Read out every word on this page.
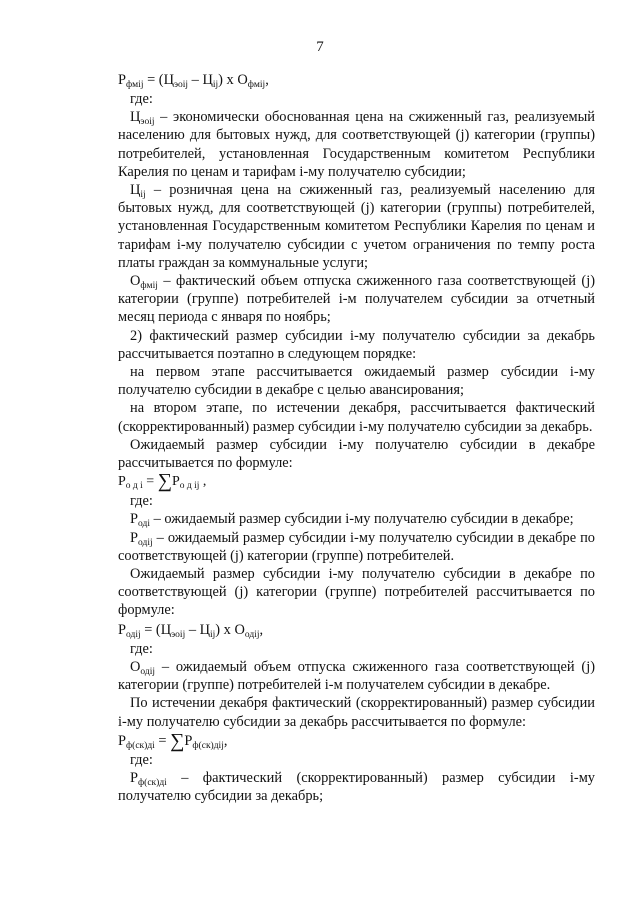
7

$Р_{фмij} = (Ц_{эоij} - Ц_{ij})$ х $О_{фмij}$,

где:

$Ц_{эоij}$ – экономически обоснованная цена на сжиженный газ, реализуемый населению для бытовых нужд, для соответствующей (j) категории (группы) потребителей, установленная Государственным комитетом Республики Карелия по ценам и тарифам i-му получателю субсидии;

$Ц_{ij}$ – розничная цена на сжиженный газ, реализуемый населению для бытовых нужд, для соответствующей (j) категории (группы) потребителей, установленная Государственным комитетом Республики Карелия по ценам и тарифам i-му получателю субсидии с учетом ограничения по темпу роста платы граждан за коммунальные услуги;

$О_{фмij}$ – фактический объем отпуска сжиженного газа соответствующей (j) категории (группе) потребителей i-м получателем субсидии за отчетный месяц периода с января по ноябрь;

2) фактический размер субсидии i-му получателю субсидии за декабрь рассчитывается поэтапно в следующем порядке:

на первом этапе рассчитывается ожидаемый размер субсидии i-му получателю субсидии в декабре с целью авансирования;

на втором этапе, по истечении декабря, рассчитывается фактический (скорректированный) размер субсидии i-му получателю субсидии за декабрь.

Ожидаемый размер субсидии i-му получателю субсидии в декабре рассчитывается по формуле:

$Р_{о д i} = \sum Р_{о д ij}$ ,

где:

$Р_{оді}$ – ожидаемый размер субсидии i-му получателю субсидии в декабре;

$Р_{одij}$ – ожидаемый размер субсидии i-му получателю субсидии в декабре по соответствующей (j) категории (группе) потребителей.

Ожидаемый размер субсидии i-му получателю субсидии в декабре по соответствующей (j) категории (группе) потребителей рассчитывается по формуле:

$Р_{одij} = (Ц_{эоij} - Ц_{ij})$ х $О_{одij}$,

где:

$О_{одij}$ – ожидаемый объем отпуска сжиженного газа соответствующей (j) категории (группе) потребителей i-м получателем субсидии в декабре.

По истечении декабря фактический (скорректированный) размер субсидии i-му получателю субсидии за декабрь рассчитывается по формуле:

$Р_{ф(ск)ді} = \sum Р_{ф(ск)діj}$,

где:

$Р_{ф(ск)ді}$ – фактический (скорректированный) размер субсидии i-му получателю субсидии за декабрь;
